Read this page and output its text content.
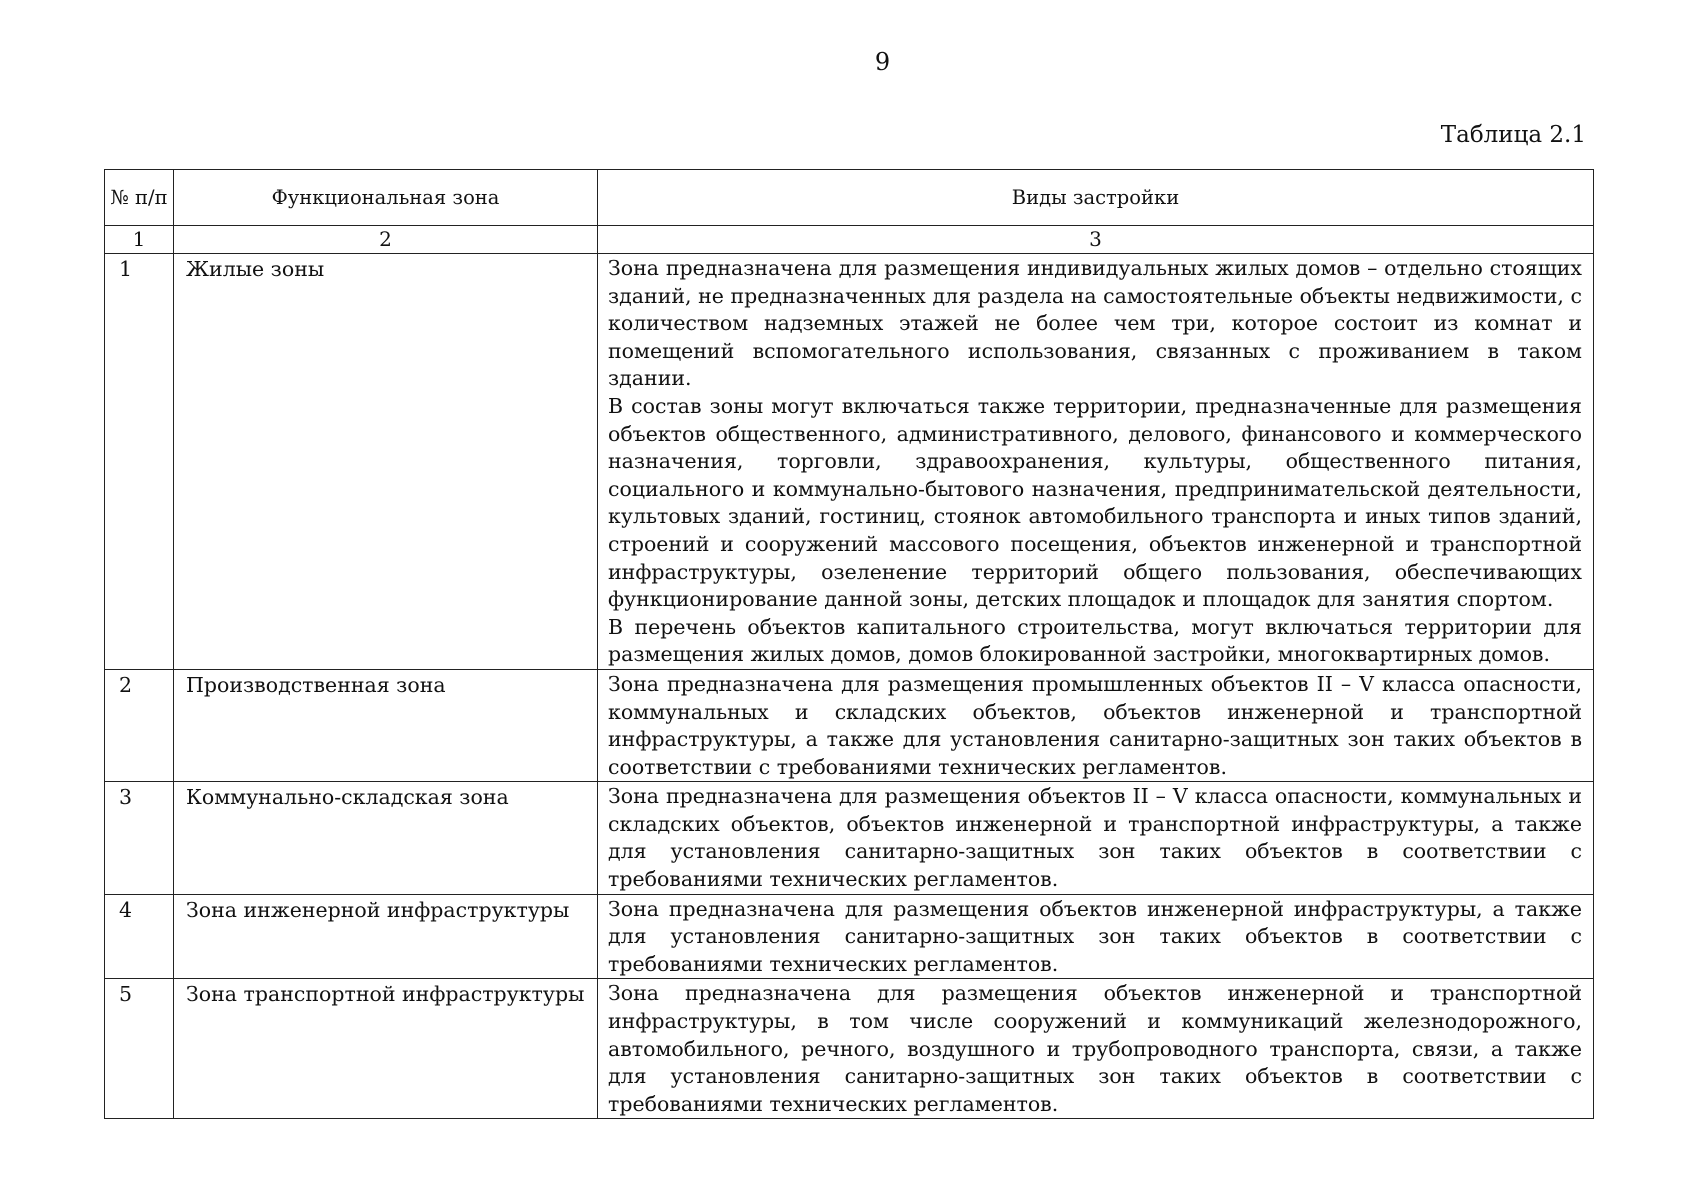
9
Таблица 2.1
№ п/п	Функциональная зона	Виды застройки
1	2	3
1	Жилые зоны	Зона предназначена для размещения индивидуальных жилых домов – отдельно стоящих зданий, не предназначенных для раздела на самостоятельные объекты недвижимости, с количеством надземных этажей не более чем три, которое состоит из комнат и помещений вспомогательного использования, связанных с проживанием в таком здании.

В состав зоны могут включаться также территории, предназначенные для размещения объектов общественного, административного, делового, финансового и коммерческого назначения, торговли, здравоохранения, культуры, общественного питания, социального и коммунально-бытового назначения, предпринимательской деятельности, культовых зданий, гостиниц, стоянок автомобильного транспорта и иных типов зданий, строений и сооружений массового посещения, объектов инженерной и транспортной инфраструктуры, озеленение территорий общего пользования, обеспечивающих функционирование данной зоны, детских площадок и площадок для занятия спортом.

В перечень объектов капитального строительства, могут включаться территории для размещения жилых домов, домов блокированной застройки, многоквартирных домов.

2	Производственная зона	Зона предназначена для размещения промышленных объектов II – V класса опасности, коммунальных и складских объектов, объектов инженерной и транспортной инфраструктуры, а также для установления санитарно-защитных зон таких объектов в соответствии с требованиями технических регламентов.

3	Коммунально-складская зона	Зона предназначена для размещения объектов II – V класса опасности, коммунальных и складских объектов, объектов инженерной и транспортной инфраструктуры, а также для установления санитарно-защитных зон таких объектов в соответствии с требованиями технических регламентов.

4	Зона инженерной инфраструктуры	Зона предназначена для размещения объектов инженерной инфраструктуры, а также для установления санитарно-защитных зон таких объектов в соответствии с требованиями технических регламентов.

5	Зона транспортной инфраструктуры	Зона предназначена для размещения объектов инженерной и транспортной инфраструктуры, в том числе сооружений и коммуникаций железнодорожного, автомобильного, речного, воздушного и трубопроводного транспорта, связи, а также для установления санитарно-защитных зон таких объектов в соответствии с требованиями технических регламентов.
